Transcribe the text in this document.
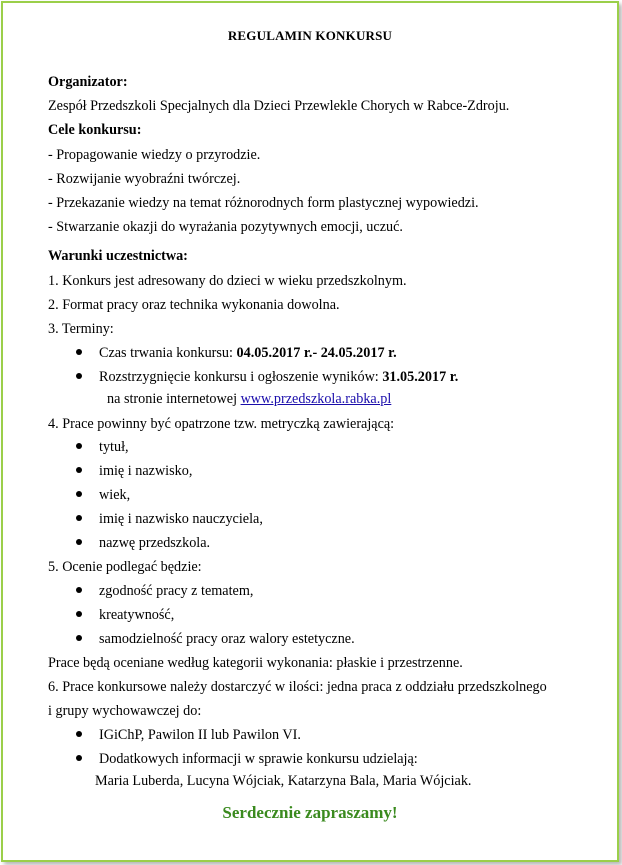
REGULAMIN KONKURSU
Organizator:
Zespół Przedszkoli Specjalnych dla Dzieci Przewlekle Chorych w Rabce-Zdroju.
Cele konkursu:
- Propagowanie wiedzy o przyrodzie.
- Rozwijanie wyobraźni twórczej.
- Przekazanie wiedzy na temat różnorodnych form plastycznej wypowiedzi.
- Stwarzanie okazji do wyrażania pozytywnych emocji, uczuć.
Warunki uczestnictwa:
1. Konkurs jest adresowany do dzieci w wieku przedszkolnym.
2. Format pracy oraz technika wykonania dowolna.
3. Terminy:
Czas trwania konkursu: 04.05.2017 r.- 24.05.2017 r.
Rozstrzygnięcie konkursu i ogłoszenie wyników: 31.05.2017 r.
na stronie internetowej www.przedszkola.rabka.pl
4. Prace powinny być opatrzone tzw. metryczką zawierającą:
tytuł,
imię i nazwisko,
wiek,
imię i nazwisko nauczyciela,
nazwę przedszkola.
5. Ocenie podlegać będzie:
zgodność pracy z tematem,
kreatywność,
samodzielność pracy oraz walory estetyczne.
Prace będą oceniane według kategorii wykonania: płaskie i przestrzenne.
6. Prace konkursowe należy dostarczyć w ilości: jedna praca z oddziału przedszkolnego
i grupy wychowawczej do:
IGiChP, Pawilon II lub Pawilon VI.
Dodatkowych informacji w sprawie konkursu udzielają:
Maria Luberda, Lucyna Wójciak, Katarzyna Bala, Maria Wójciak.
Serdecznie zapraszamy!
